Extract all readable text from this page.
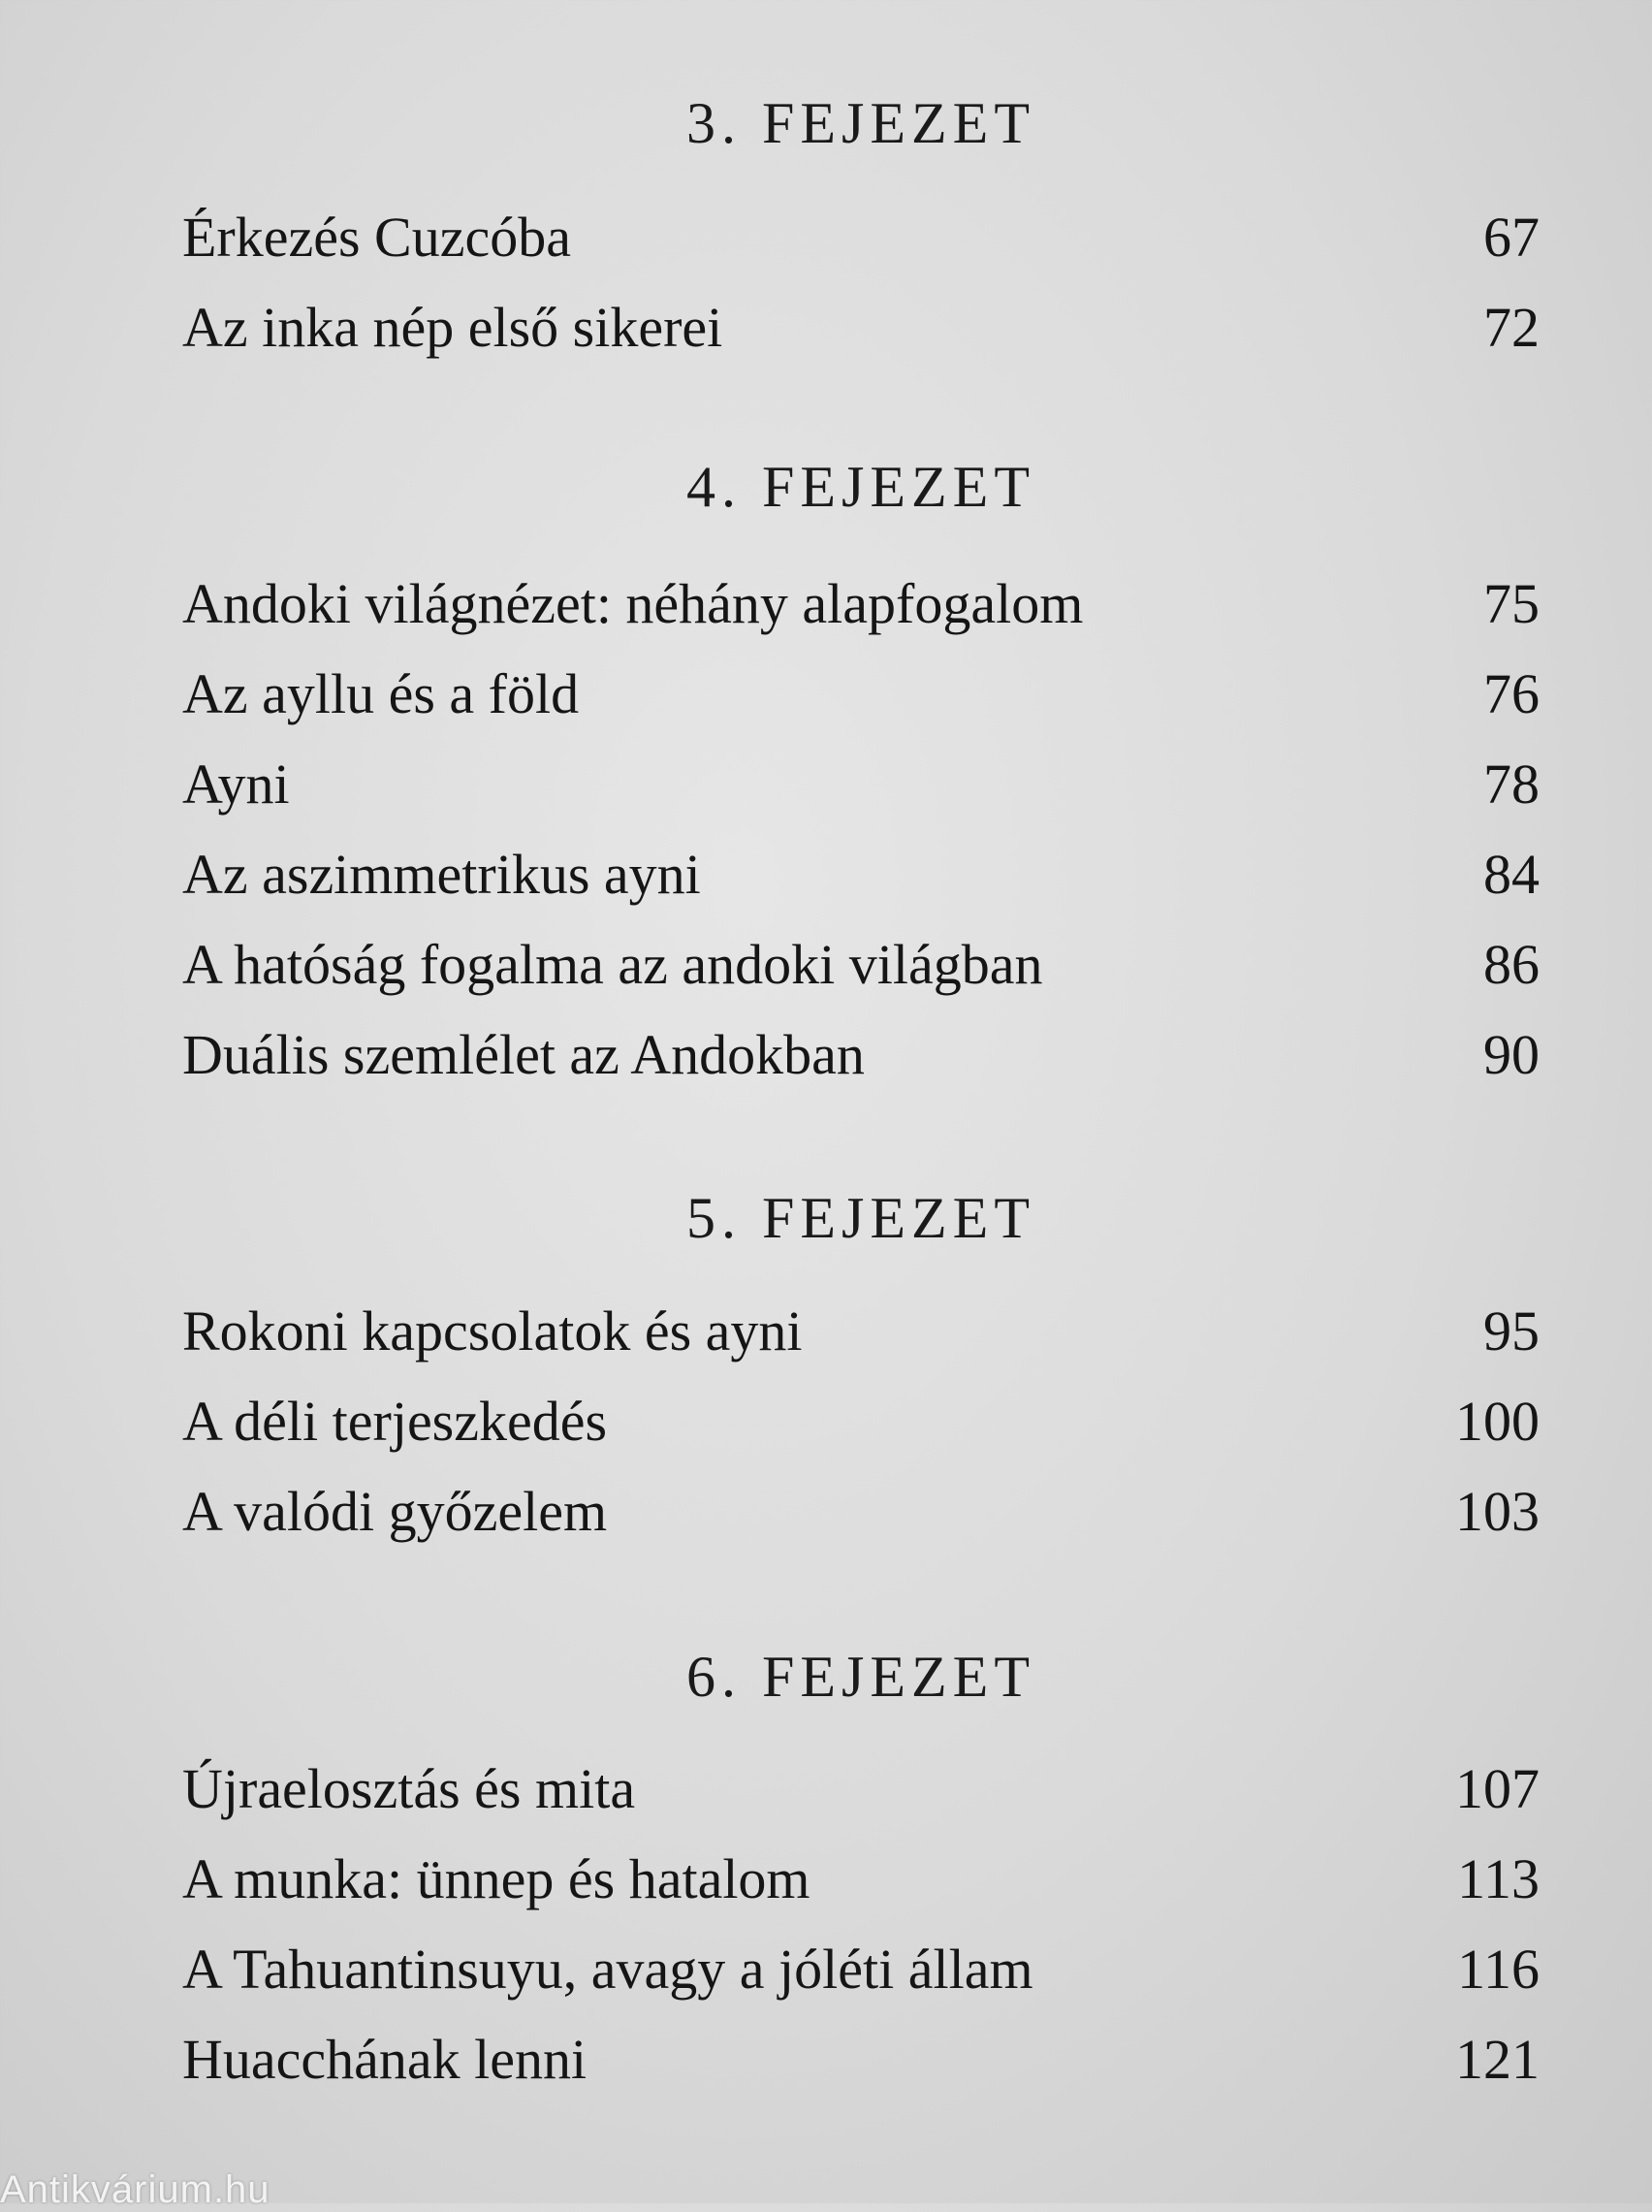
3. FEJEZET
Érkezés Cuzcóba	67
Az inka nép első sikerei	72
4. FEJEZET
Andoki világnézet: néhány alapfogalom	75
Az ayllu és a föld	76
Ayni	78
Az aszimmetrikus ayni	84
A hatóság fogalma az andoki világban	86
Duális szemlélet az Andokban	90
5. FEJEZET
Rokoni kapcsolatok és ayni	95
A déli terjeszkedés	100
A valódi győzelem	103
6. FEJEZET
Újraelosztás és mita	107
A munka: ünnep és hatalom	113
A Tahuantinsuyu, avagy a jóléti állam	116
Huacchának lenni	121
Antikvárium.hu
